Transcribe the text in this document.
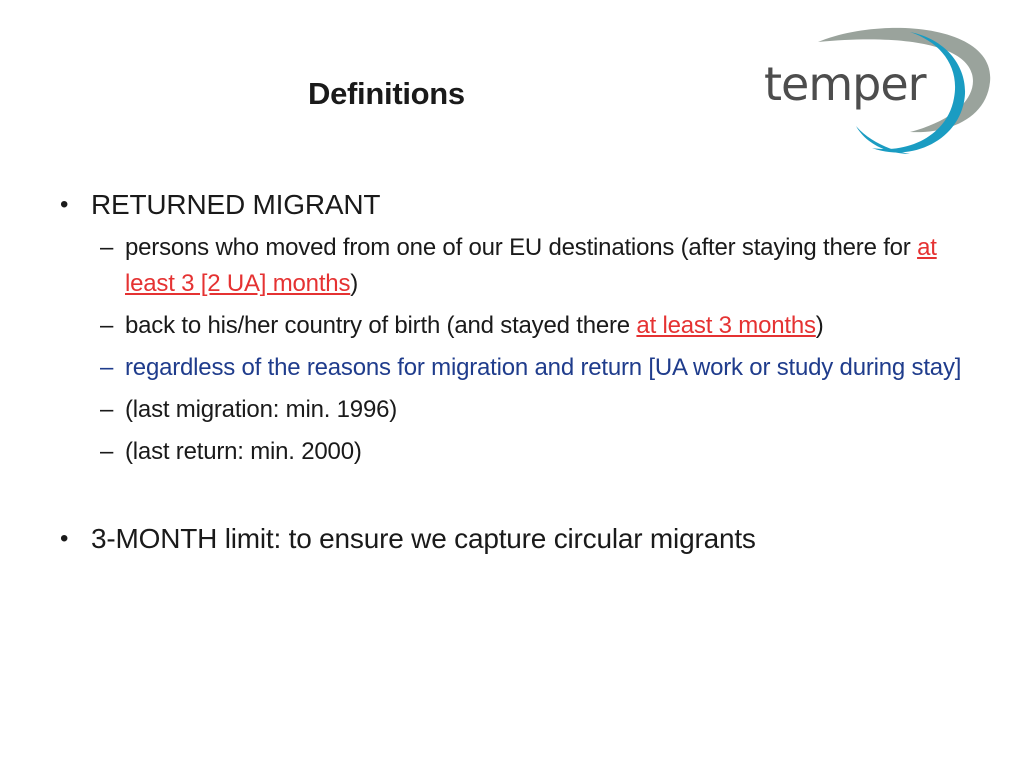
Definitions	temper
• RETURNED MIGRANT
– persons who moved from one of our EU destinations (after staying there for at least 3 [2 UA] months)
– back to his/her country of birth (and stayed there at least 3 months)
– regardless of the reasons for migration and return [UA work or study during stay]
– (last migration: min. 1996)
– (last return: min. 2000)
• 3-MONTH limit: to ensure we capture circular migrants
